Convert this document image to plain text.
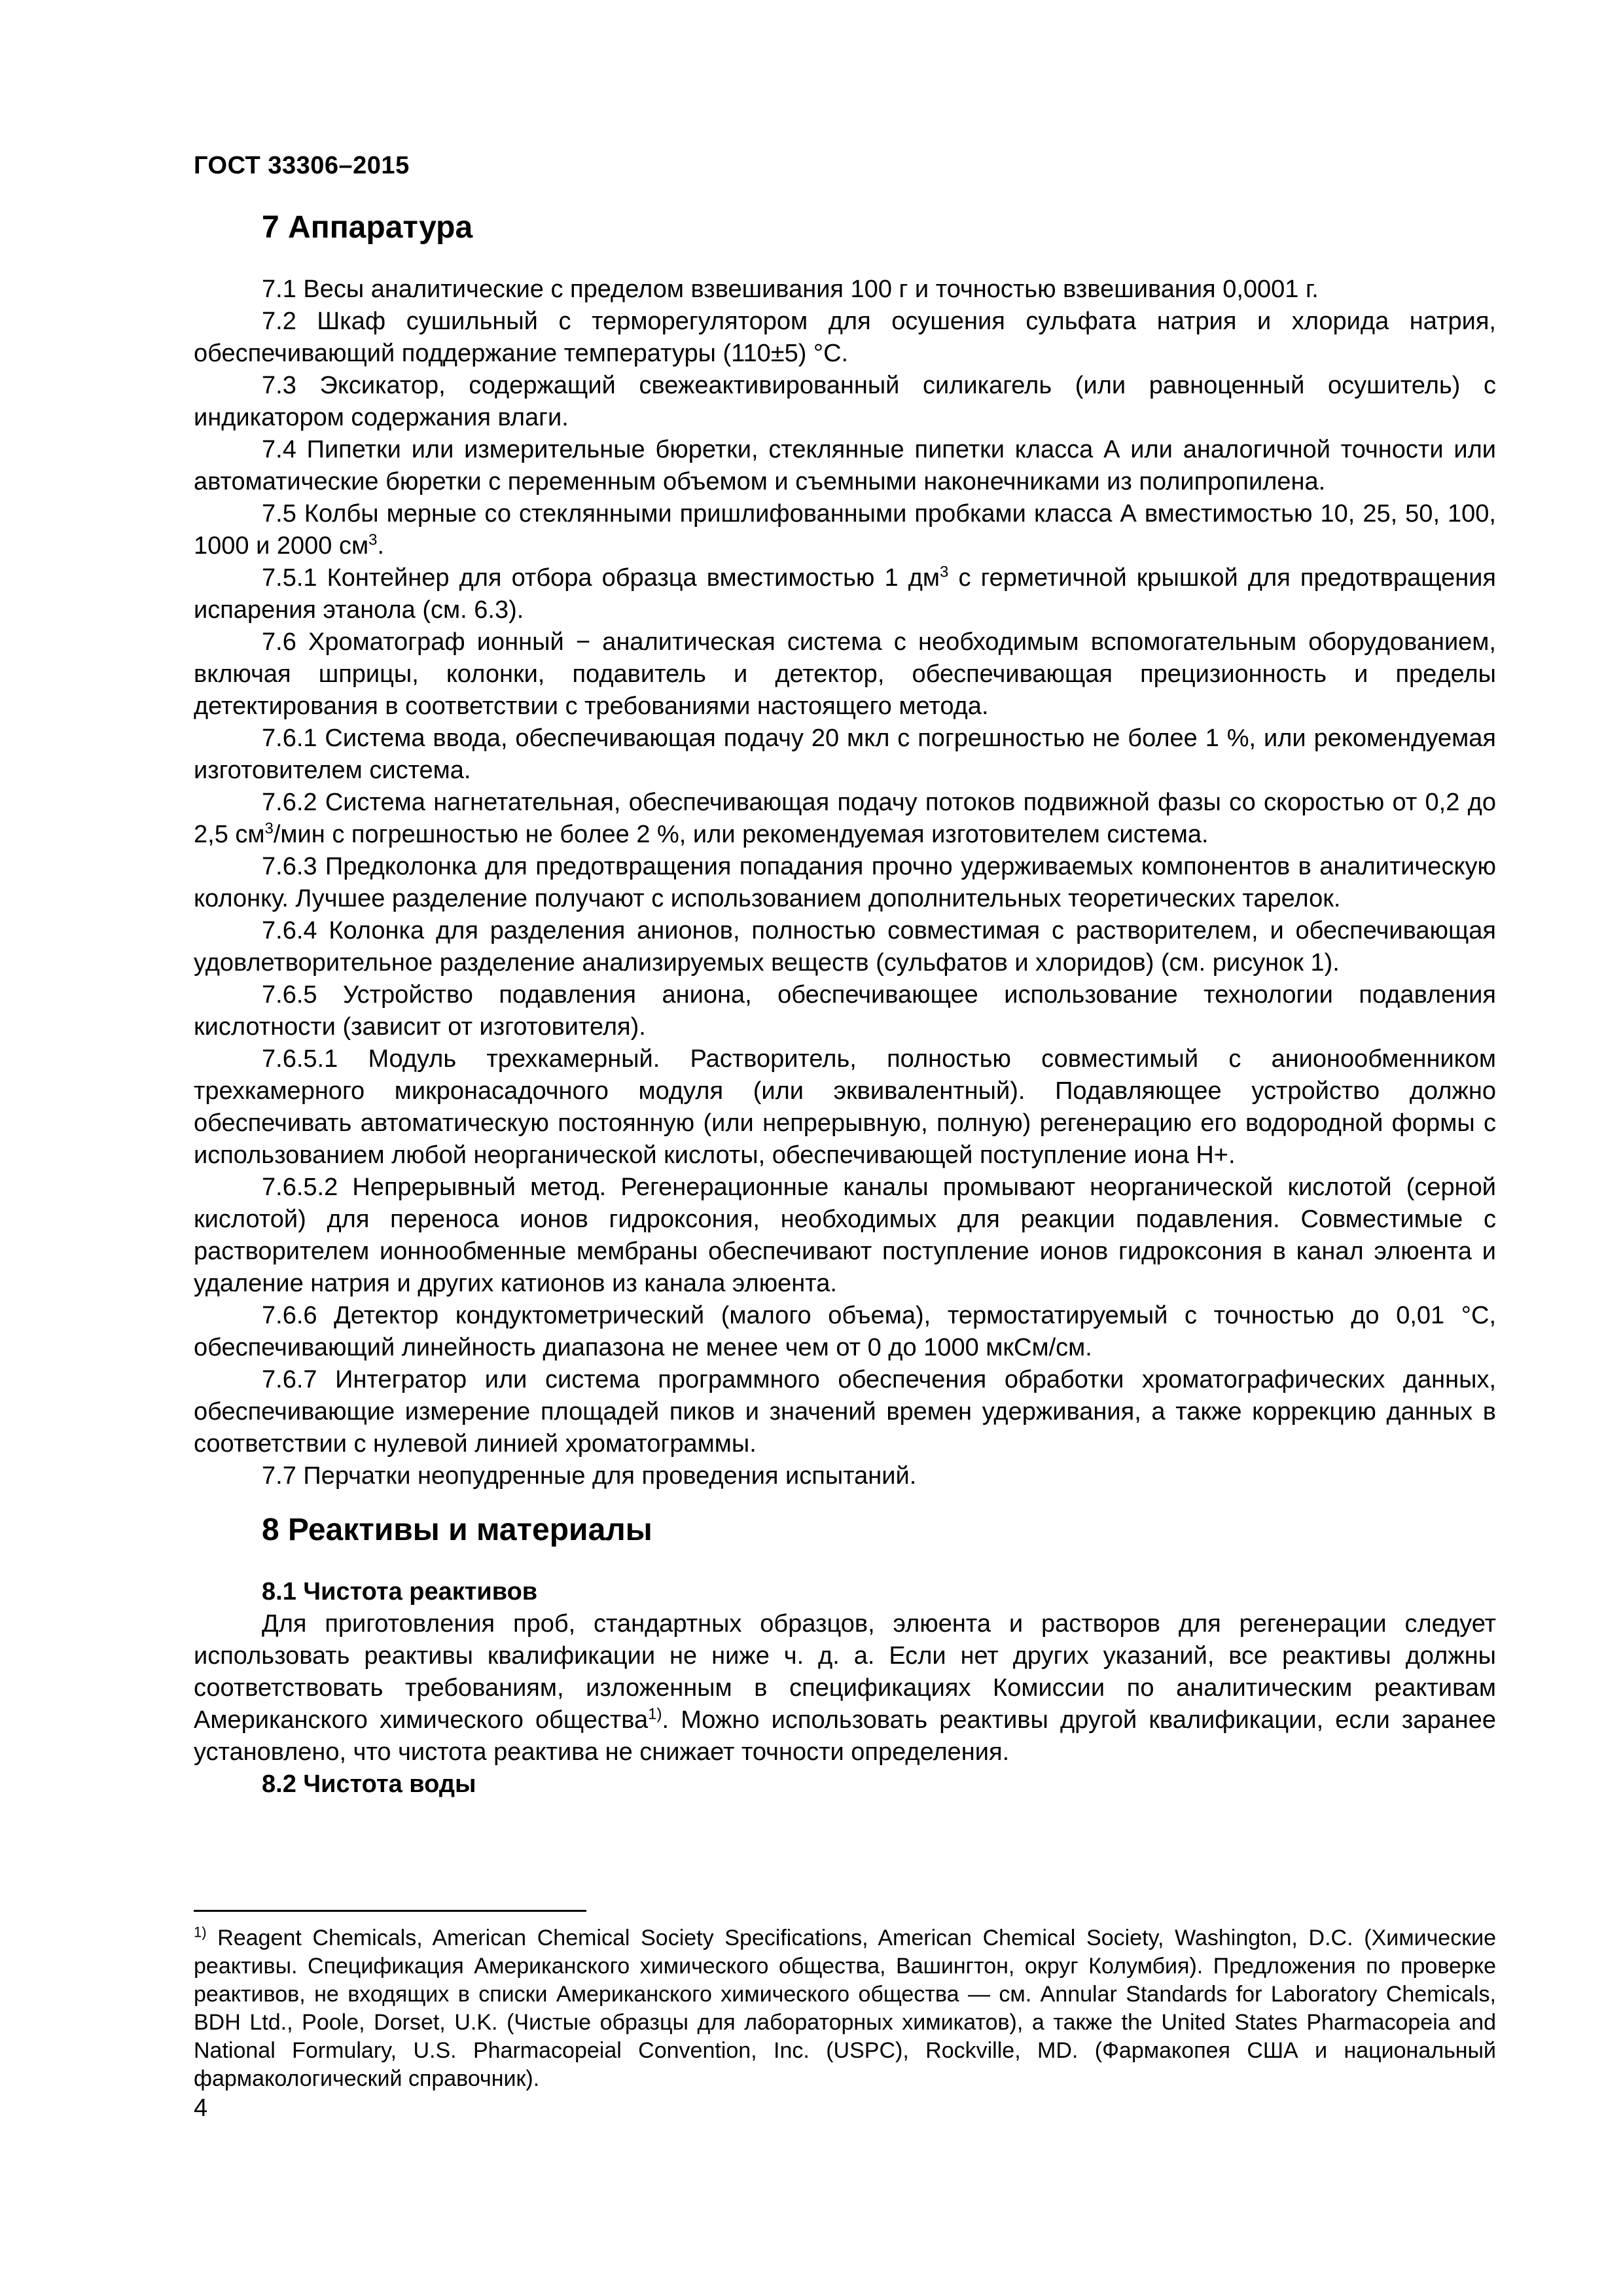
ГОСТ 33306–2015
7 Аппаратура

7.1 Весы аналитические с пределом взвешивания 100 г и точностью взвешивания 0,0001 г.

7.2 Шкаф сушильный с терморегулятором для осушения сульфата натрия и хлорида натрия, обеспечивающий поддержание температуры (110±5) °C.

7.3 Эксикатор, содержащий свежеактивированный силикагель (или равноценный осушитель) с индикатором содержания влаги.

7.4 Пипетки или измерительные бюретки, стеклянные пипетки класса А или аналогичной точности или автоматические бюретки с переменным объемом и съемными наконечниками из полипропилена.

7.5 Колбы мерные со стеклянными пришлифованными пробками класса А вместимостью 10, 25, 50, 100, 1000 и 2000 $см^3$.

7.5.1 Контейнер для отбора образца вместимостью 1 $дм^3$ с герметичной крышкой для предотвращения испарения этанола (см. 6.3).

7.6 Хроматограф ионный − аналитическая система с необходимым вспомогательным оборудованием, включая шприцы, колонки, подавитель и детектор, обеспечивающая прецизионность и пределы детектирования в соответствии с требованиями настоящего метода.

7.6.1 Система ввода, обеспечивающая подачу 20 мкл с погрешностью не более 1 %, или рекомендуемая изготовителем система.

7.6.2 Система нагнетательная, обеспечивающая подачу потоков подвижной фазы со скоростью от 0,2 до 2,5 $см^3$/мин с погрешностью не более 2 %, или рекомендуемая изготовителем система.

7.6.3 Предколонка для предотвращения попадания прочно удерживаемых компонентов в аналитическую колонку. Лучшее разделение получают с использованием дополнительных теоретических тарелок.

7.6.4 Колонка для разделения анионов, полностью совместимая с растворителем, и обеспечивающая удовлетворительное разделение анализируемых веществ (сульфатов и хлоридов) (см. рисунок 1).

7.6.5 Устройство подавления аниона, обеспечивающее использование технологии подавления кислотности (зависит от изготовителя).

7.6.5.1 Модуль трехкамерный. Растворитель, полностью совместимый с анионообменником трехкамерного микронасадочного модуля (или эквивалентный). Подавляющее устройство должно обеспечивать автоматическую постоянную (или непрерывную, полную) регенерацию его водородной формы с использованием любой неорганической кислоты, обеспечивающей поступление иона H+.

7.6.5.2 Непрерывный метод. Регенерационные каналы промывают неорганической кислотой (серной кислотой) для переноса ионов гидроксония, необходимых для реакции подавления. Совместимые с растворителем ионнообменные мембраны обеспечивают поступление ионов гидроксония в канал элюента и удаление натрия и других катионов из канала элюента.

7.6.6 Детектор кондуктометрический (малого объема), термостатируемый с точностью до 0,01 °C, обеспечивающий линейность диапазона не менее чем от 0 до 1000 мкСм/см.

7.6.7 Интегратор или система программного обеспечения обработки хроматографических данных, обеспечивающие измерение площадей пиков и значений времен удерживания, а также коррекцию данных в соответствии с нулевой линией хроматограммы.

7.7 Перчатки неопудренные для проведения испытаний.

8 Реактивы и материалы
8.1 Чистота реактивов

Для приготовления проб, стандартных образцов, элюента и растворов для регенерации следует использовать реактивы квалификации не ниже ч. д. а. Если нет других указаний, все реактивы должны соответствовать требованиям, изложенным в спецификациях Комиссии по аналитическим реактивам Американского химического общества$^{1)}$. Можно использовать реактивы другой квалификации, если заранее установлено, что чистота реактива не снижает точности определения.

8.2 Чистота воды
$^{1)}$ Reagent Chemicals, American Chemical Society Specifications, American Chemical Society, Washington, D.C. (Химические реактивы. Спецификация Американского химического общества, Вашингтон, округ Колумбия). Предложения по проверке реактивов, не входящих в списки Американского химического общества — см. Annular Standards for Laboratory Chemicals, BDH Ltd., Poole, Dorset, U.K. (Чистые образцы для лабораторных химикатов), а также the United States Pharmacopeia and National Formulary, U.S. Pharmacopeial Convention, Inc. (USPC), Rockville, MD. (Фармакопея США и национальный фармакологический справочник).
4
